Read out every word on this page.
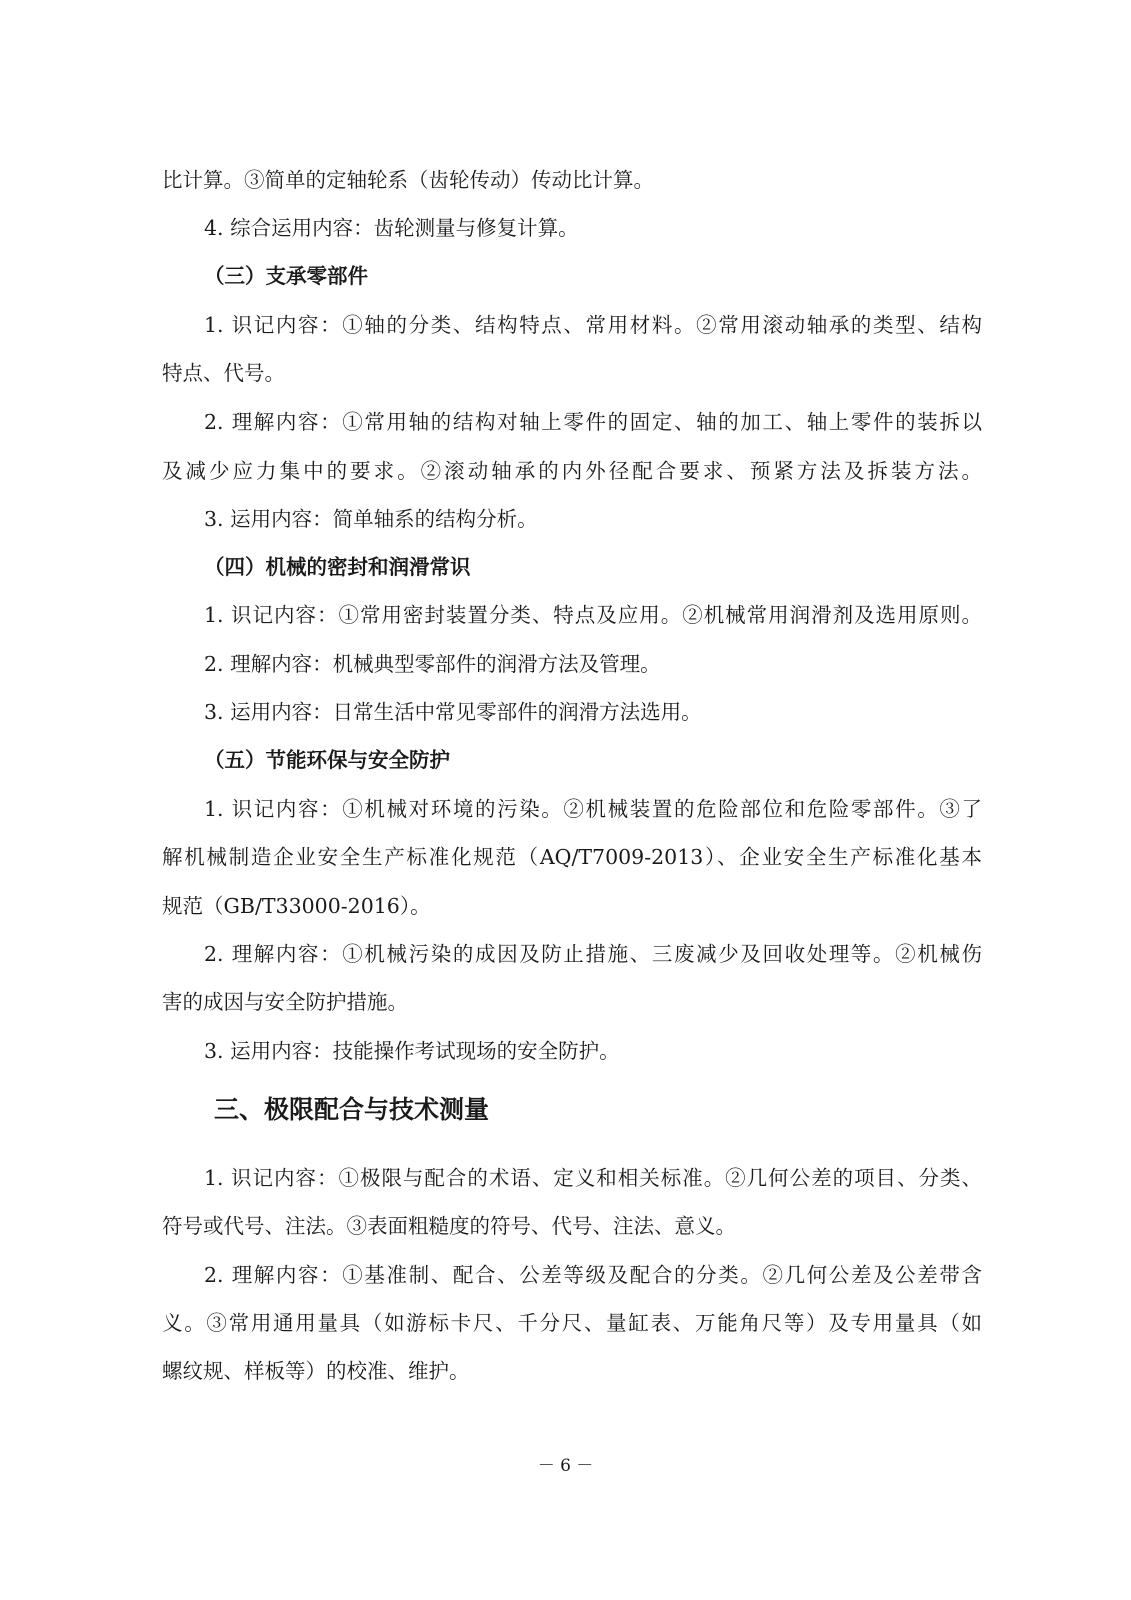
比计算。③简单的定轴轮系（齿轮传动）传动比计算。
4. 综合运用内容：齿轮测量与修复计算。
（三）支承零部件
1. 识记内容：①轴的分类、结构特点、常用材料。②常用滚动轴承的类型、结构
特点、代号。
2. 理解内容：①常用轴的结构对轴上零件的固定、轴的加工、轴上零件的装拆以
及减少应力集中的要求。②滚动轴承的内外径配合要求、预紧方法及拆装方法。
3. 运用内容：简单轴系的结构分析。
（四）机械的密封和润滑常识
1. 识记内容：①常用密封装置分类、特点及应用。②机械常用润滑剂及选用原则。
2. 理解内容：机械典型零部件的润滑方法及管理。
3. 运用内容：日常生活中常见零部件的润滑方法选用。
（五）节能环保与安全防护
1. 识记内容：①机械对环境的污染。②机械装置的危险部位和危险零部件。③了
解机械制造企业安全生产标准化规范（AQ/T7009-2013）、企业安全生产标准化基本
规范（GB/T33000-2016）。
2. 理解内容：①机械污染的成因及防止措施、三废减少及回收处理等。②机械伤
害的成因与安全防护措施。
3. 运用内容：技能操作考试现场的安全防护。
三、极限配合与技术测量
1. 识记内容：①极限与配合的术语、定义和相关标准。②几何公差的项目、分类、
符号或代号、注法。③表面粗糙度的符号、代号、注法、意义。
2. 理解内容：①基准制、配合、公差等级及配合的分类。②几何公差及公差带含
义。③常用通用量具（如游标卡尺、千分尺、量缸表、万能角尺等）及专用量具（如
螺纹规、样板等）的校准、维护。
－ 6 －
